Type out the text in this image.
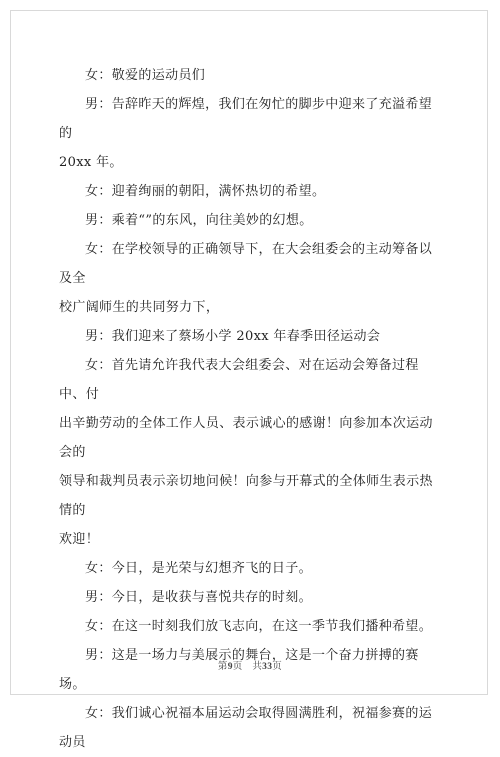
女：敬爱的运动员们

男：告辞昨天的辉煌，我们在匆忙的脚步中迎来了充溢希望的

20xx 年。

女：迎着绚丽的朝阳，满怀热切的希望。

男：乘着“”的东风，向往美妙的幻想。

女：在学校领导的正确领导下，在大会组委会的主动筹备以及全

校广阔师生的共同努力下，

男：我们迎来了蔡场小学 20xx 年春季田径运动会

女：首先请允许我代表大会组委会、对在运动会筹备过程中、付

出辛勤劳动的全体工作人员、表示诚心的感谢！向参加本次运动会的

领导和裁判员表示亲切地问候！向参与开幕式的全体师生表示热情的

欢迎！

女：今日，是光荣与幻想齐飞的日子。

男：今日，是收获与喜悦共存的时刻。

女：在这一时刻我们放飞志向，在这一季节我们播种希望。

男：这是一场力与美展示的舞台，这是一个奋力拼搏的赛场。

女：我们诚心祝福本届运动会取得圆满胜利，祝福参赛的运动员

第9页　共33页
